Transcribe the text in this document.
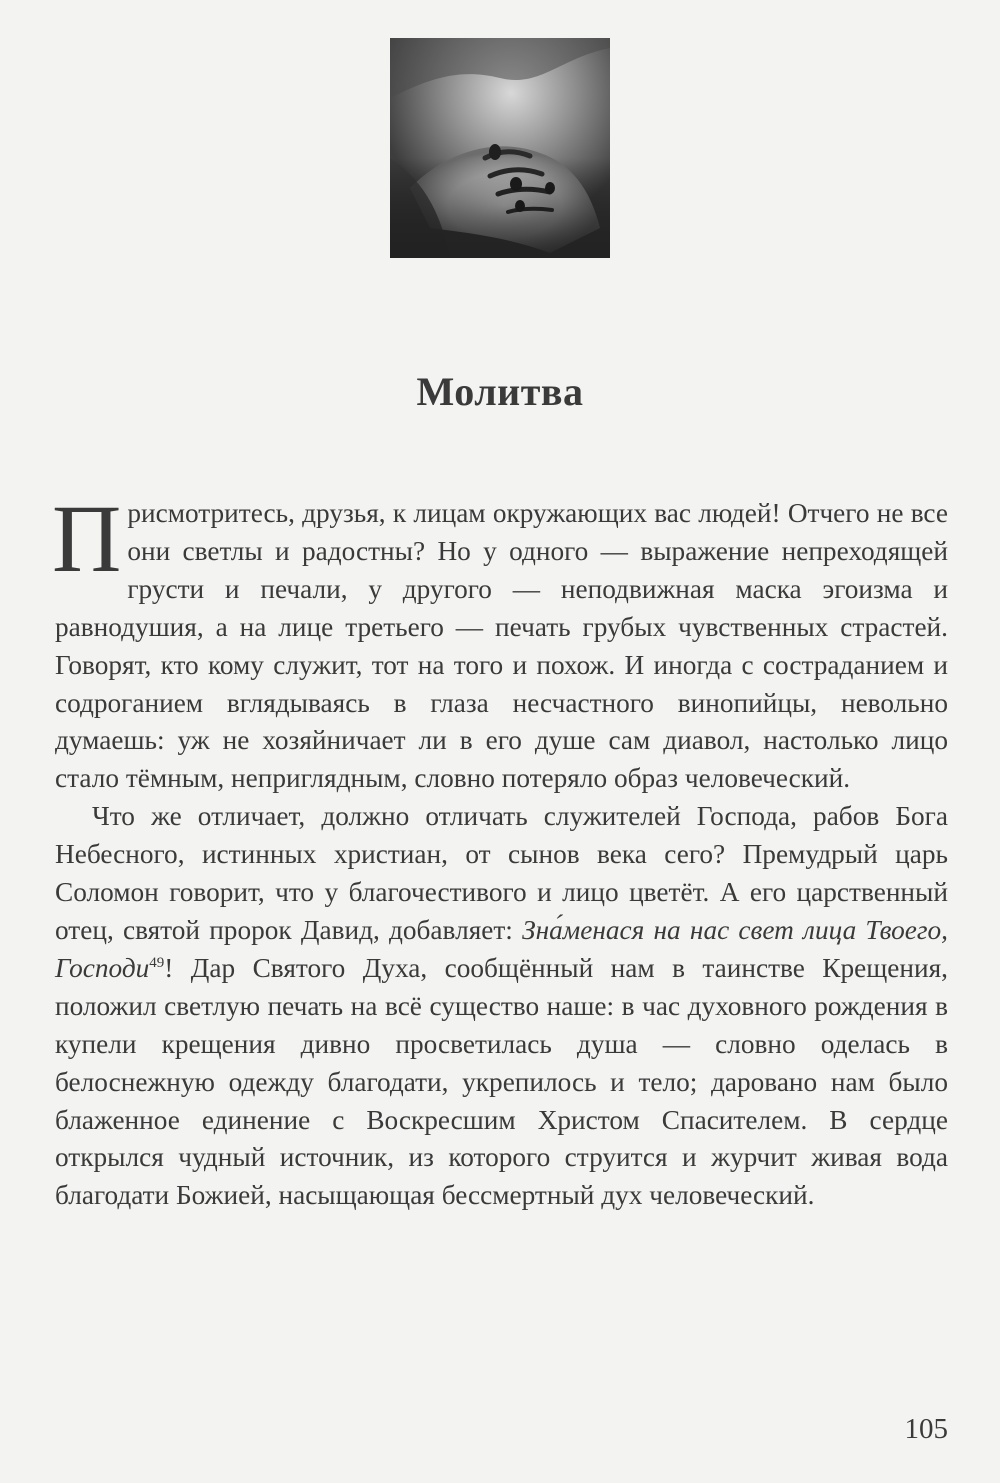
Молитва

Присмотритесь, друзья, к лицам окружающих вас людей! Отчего не все они светлы и радостны? Но у одного — выражение непреходящей грусти и печали, у другого — неподвижная маска эгоизма и равнодушия, а на лице третьего — печать грубых чувственных страстей. Говорят, кто кому служит, тот на того и похож. И иногда с состраданием и содроганием вглядываясь в глаза несчастного винопийцы, невольно думаешь: уж не хозяйничает ли в его душе сам диавол, настолько лицо стало тёмным, неприглядным, словно потеряло образ человеческий.

Что же отличает, должно отличать служителей Господа, рабов Бога Небесного, истинных христиан, от сынов века сего? Премудрый царь Соломон говорит, что у благочестивого и лицо цветёт. А его царственный отец, святой пророк Давид, добавляет: Зна́менася на нас свет лица Твоего, Господи$^{49}$! Дар Святого Духа, сообщённый нам в таинстве Крещения, положил светлую печать на всё существо наше: в час духовного рождения в купели крещения дивно просветилась душа — словно оделась в белоснежную одежду благодати, укрепилось и тело; даровано нам было блаженное единение с Воскресшим Христом Спасителем. В сердце открылся чудный источник, из которого струится и журчит живая вода благодати Божией, насыщающая бессмертный дух человеческий.

105
